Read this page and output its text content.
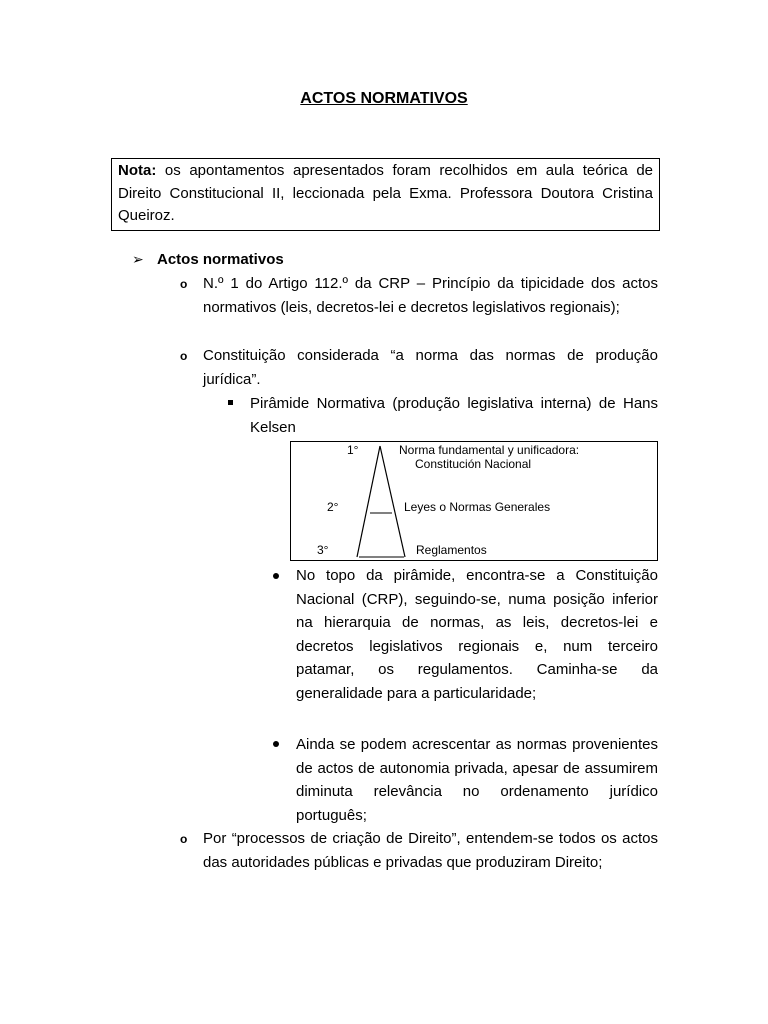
ACTOS NORMATIVOS
Nota: os apontamentos apresentados foram recolhidos em aula teórica de Direito Constitucional II, leccionada pela Exma. Professora Doutora Cristina Queiroz.
➢ Actos normativos
o N.º 1 do Artigo 112.º da CRP – Princípio da tipicidade dos actos normativos (leis, decretos-lei e decretos legislativos regionais);
o Constituição considerada “a norma das normas de produção jurídica”.
Pirâmide Normativa (produção legislativa interna) de Hans Kelsen
1°	Norma fundamental y unificadora:
Constitución Nacional
2°	Leyes o Normas Generales
3°	Reglamentos
No topo da pirâmide, encontra-se a Constituição Nacional (CRP), seguindo-se, numa posição inferior na hierarquia de normas, as leis, decretos-lei e decretos legislativos regionais e, num terceiro patamar, os regulamentos. Caminha-se da generalidade para a particularidade;
Ainda se podem acrescentar as normas provenientes de actos de autonomia privada, apesar de assumirem diminuta relevância no ordenamento jurídico português;
o Por “processos de criação de Direito”, entendem-se todos os actos das autoridades públicas e privadas que produziram Direito;
